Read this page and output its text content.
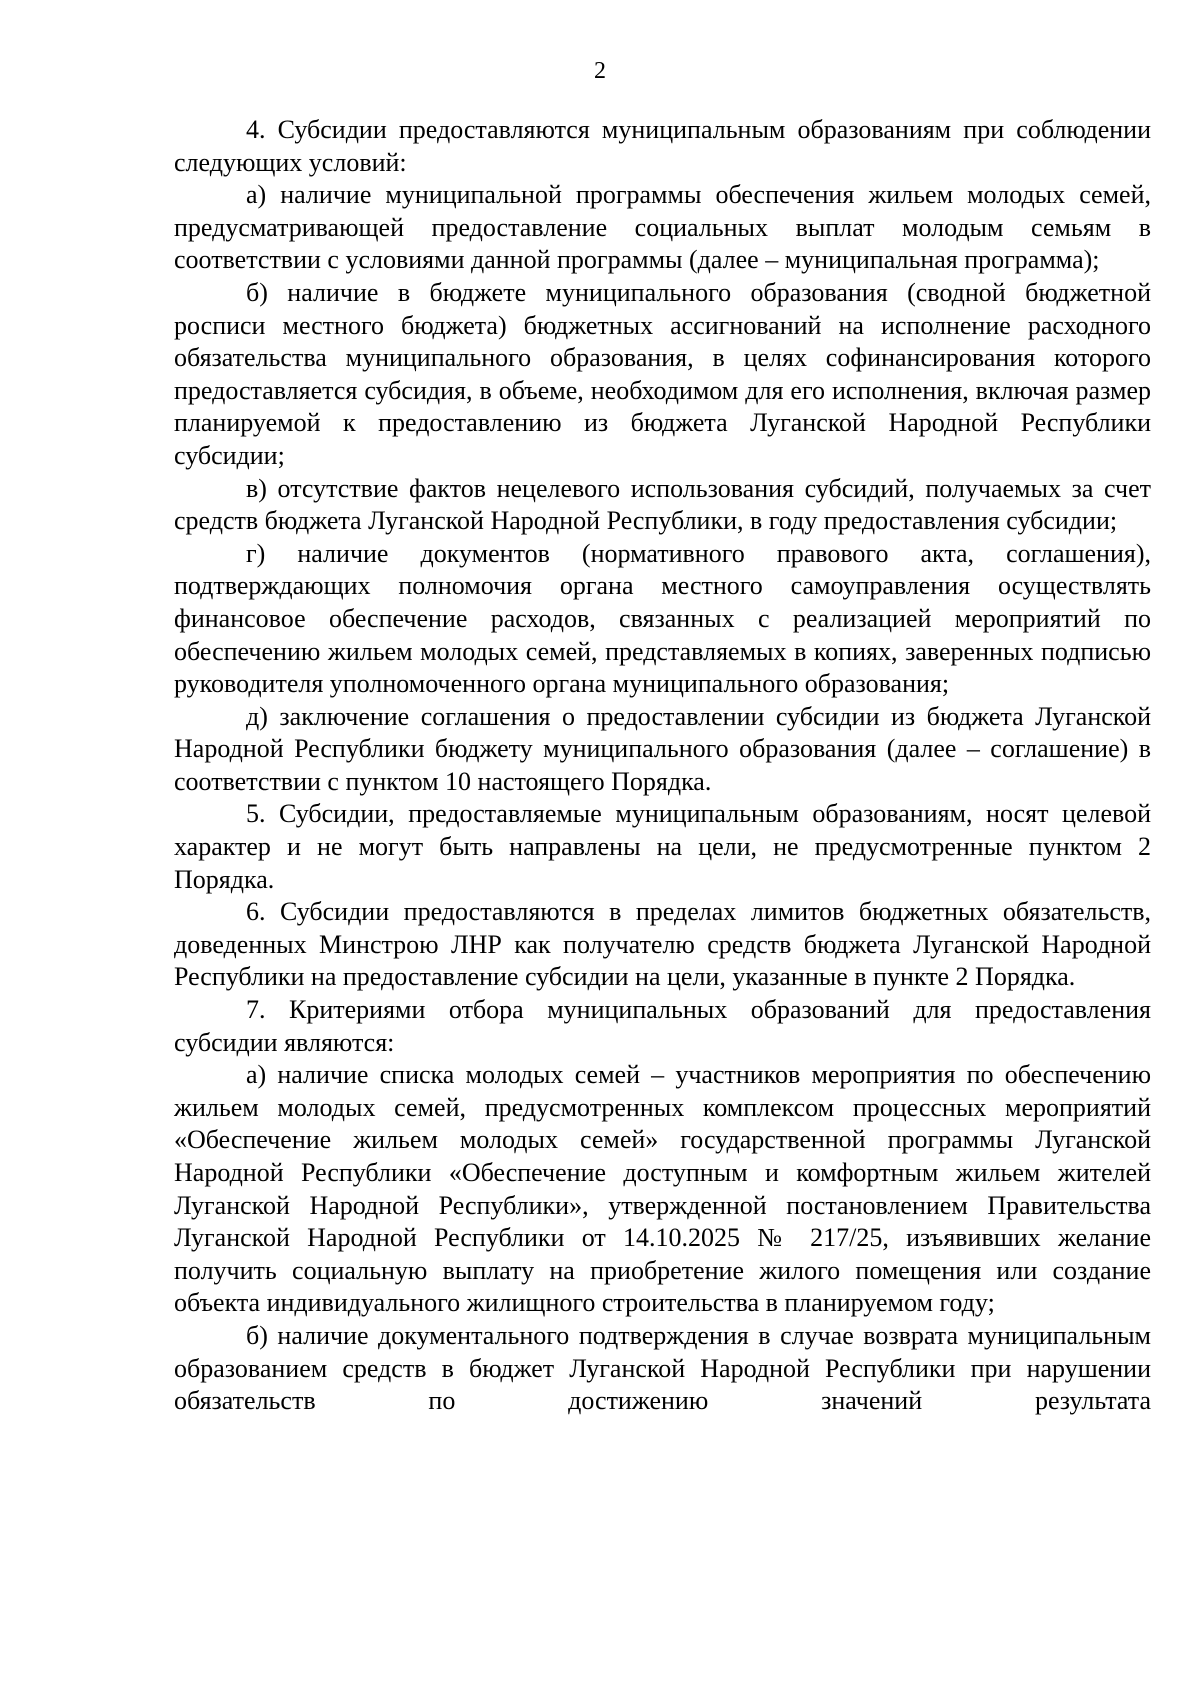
2

4. Субсидии предоставляются муниципальным образованиям при соблюдении следующих условий:

а) наличие муниципальной программы обеспечения жильем молодых семей, предусматривающей предоставление социальных выплат молодым семьям в соответствии с условиями данной программы (далее – муниципальная программа);

б) наличие в бюджете муниципального образования (сводной бюджетной росписи местного бюджета) бюджетных ассигнований на исполнение расходного обязательства муниципального образования, в целях софинансирования которого предоставляется субсидия, в объеме, необходимом для его исполнения, включая размер планируемой к предоставлению из бюджета Луганской Народной Республики субсидии;

в) отсутствие фактов нецелевого использования субсидий, получаемых за счет средств бюджета Луганской Народной Республики, в году предоставления субсидии;

г) наличие документов (нормативного правового акта, соглашения), подтверждающих полномочия органа местного самоуправления осуществлять финансовое обеспечение расходов, связанных с реализацией мероприятий по обеспечению жильем молодых семей, представляемых в копиях, заверенных подписью руководителя уполномоченного органа муниципального образования;

д) заключение соглашения о предоставлении субсидии из бюджета Луганской Народной Республики бюджету муниципального образования (далее – соглашение) в соответствии с пунктом 10 настоящего Порядка.

5. Субсидии, предоставляемые муниципальным образованиям, носят целевой характер и не могут быть направлены на цели, не предусмотренные пунктом 2 Порядка.

6. Субсидии предоставляются в пределах лимитов бюджетных обязательств, доведенных Минстрою ЛНР как получателю средств бюджета Луганской Народной Республики на предоставление субсидии на цели, указанные в пункте 2 Порядка.

7. Критериями отбора муниципальных образований для предоставления субсидии являются:

а) наличие списка молодых семей – участников мероприятия по обеспечению жильем молодых семей, предусмотренных комплексом процессных мероприятий «Обеспечение жильем молодых семей» государственной программы Луганской Народной Республики «Обеспечение доступным и комфортным жильем жителей Луганской Народной Республики», утвержденной постановлением Правительства Луганской Народной Республики от 14.10.2025 № 217/25, изъявивших желание получить социальную выплату на приобретение жилого помещения или создание объекта индивидуального жилищного строительства в планируемом году;

б) наличие документального подтверждения в случае возврата муниципальным образованием средств в бюджет Луганской Народной Республики при нарушении обязательств по достижению значений результата
